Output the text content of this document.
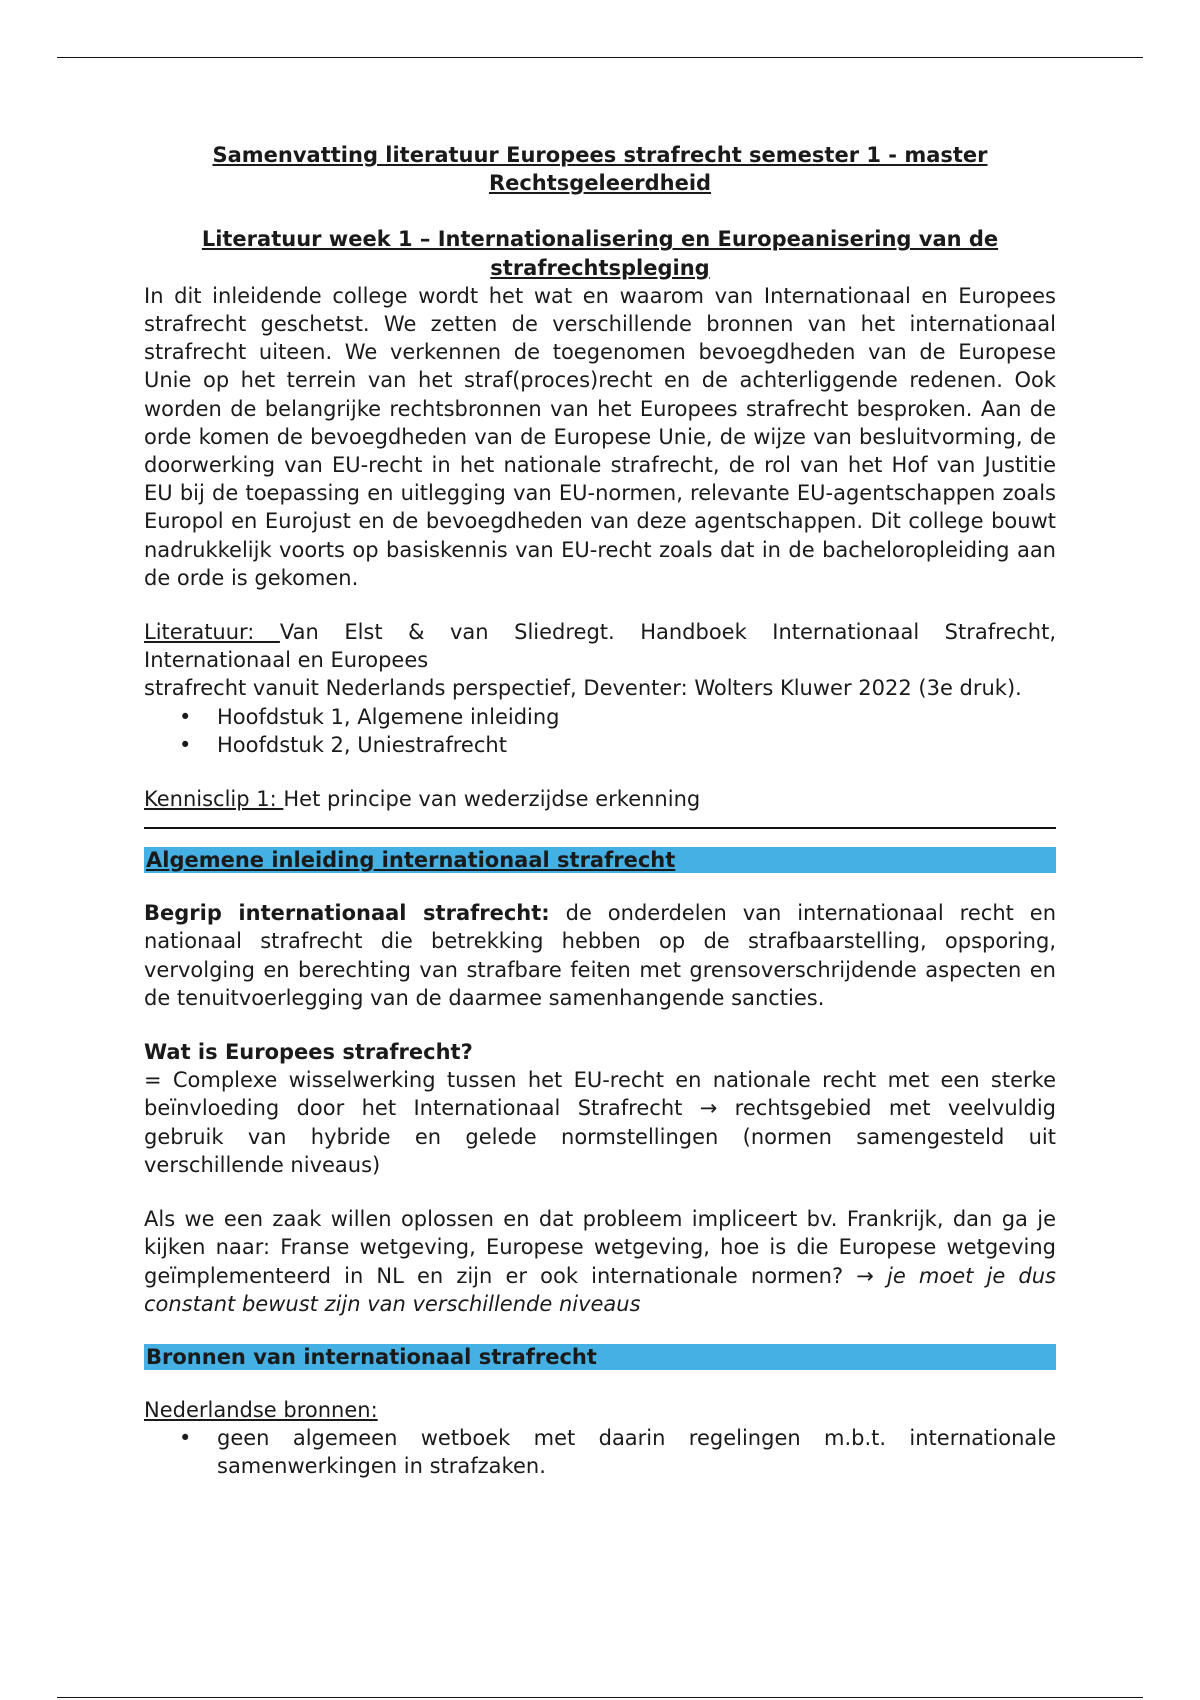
Samenvatting literatuur Europees strafrecht semester 1 - master

Rechtsgeleerdheid

Literatuur week 1 – Internationalisering en Europeanisering van de

strafrechtspleging

In dit inleidende college wordt het wat en waarom van Internationaal en Europees strafrecht geschetst. We zetten de verschillende bronnen van het internationaal strafrecht uiteen. We verkennen de toegenomen bevoegdheden van de Europese Unie op het terrein van het straf(proces)recht en de achterliggende redenen. Ook worden de belangrijke rechtsbronnen van het Europees strafrecht besproken. Aan de orde komen de bevoegdheden van de Europese Unie, de wijze van besluitvorming, de doorwerking van EU-recht in het nationale strafrecht, de rol van het Hof van Justitie EU bij de toepassing en uitlegging van EU-normen, relevante EU-agentschappen zoals Europol en Eurojust en de bevoegdheden van deze agentschappen. Dit college bouwt nadrukkelijk voorts op basiskennis van EU-recht zoals dat in de bacheloropleiding aan de orde is gekomen.

Literatuur: Van Elst & van Sliedregt. Handboek Internationaal Strafrecht, Internationaal en Europees

strafrecht vanuit Nederlands perspectief, Deventer: Wolters Kluwer 2022 (3e druk).

• Hoofdstuk 1, Algemene inleiding
• Hoofdstuk 2, Uniestrafrecht

Kennisclip 1: Het principe van wederzijdse erkenning

Algemene inleiding internationaal strafrecht

Begrip internationaal strafrecht: de onderdelen van internationaal recht en nationaal strafrecht die betrekking hebben op de strafbaarstelling, opsporing, vervolging en berechting van strafbare feiten met grensoverschrijdende aspecten en de tenuitvoerlegging van de daarmee samenhangende sancties.

Wat is Europees strafrecht?

= Complexe wisselwerking tussen het EU-recht en nationale recht met een sterke beïnvloeding door het Internationaal Strafrecht → rechtsgebied met veelvuldig gebruik van hybride en gelede normstellingen (normen samengesteld uit verschillende niveaus)

Als we een zaak willen oplossen en dat probleem impliceert bv. Frankrijk, dan ga je kijken naar: Franse wetgeving, Europese wetgeving, hoe is die Europese wetgeving geïmplementeerd in NL en zijn er ook internationale normen? → je moet je dus constant bewust zijn van verschillende niveaus

Bronnen van internationaal strafrecht

Nederlandse bronnen:

• geen algemeen wetboek met daarin regelingen m.b.t. internationale samenwerkingen in strafzaken.
